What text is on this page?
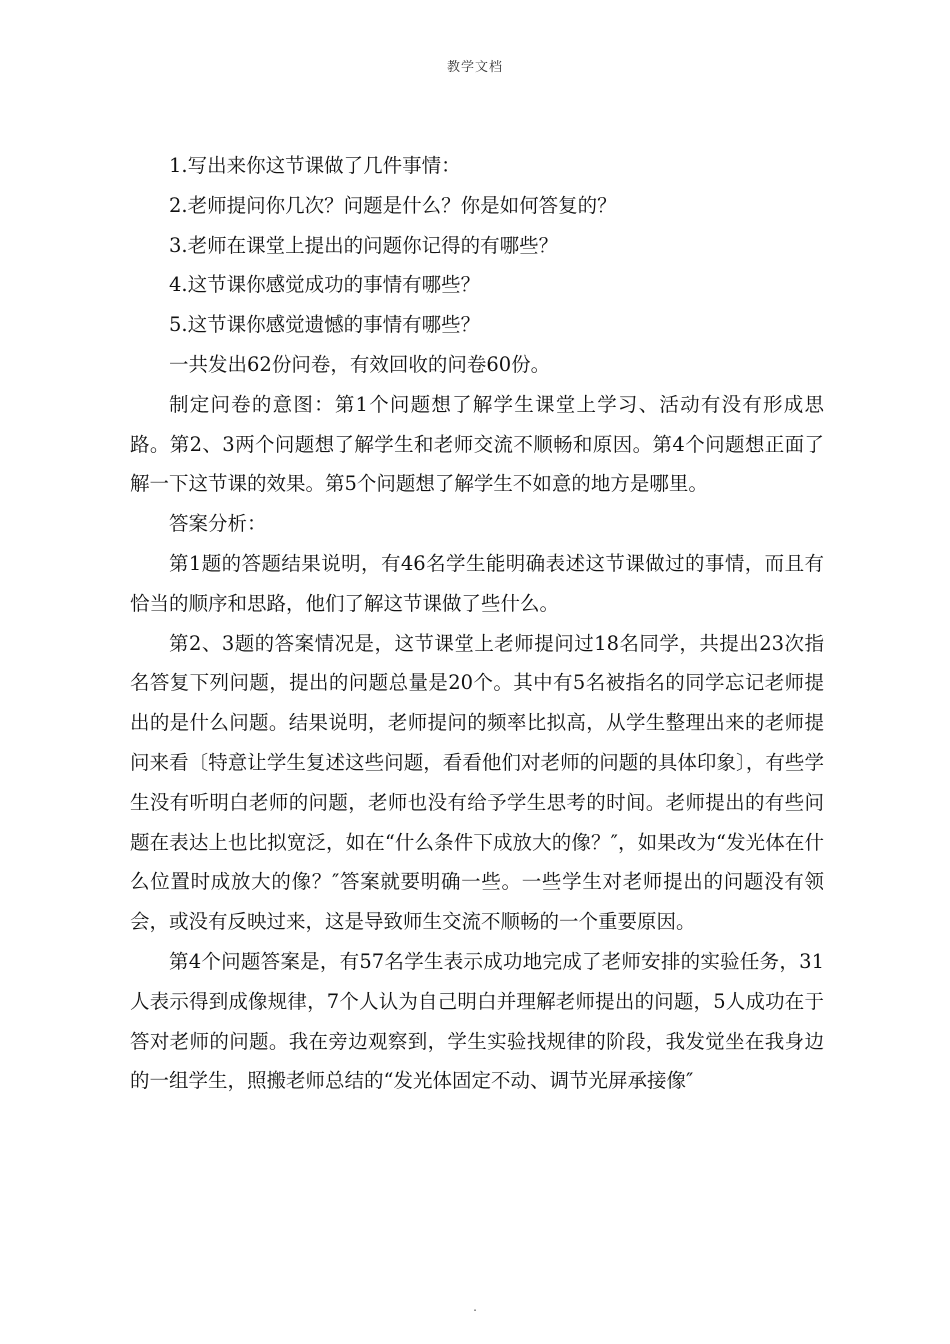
教学文档

1.写出来你这节课做了几件事情：

2.老师提问你几次？问题是什么？你是如何答复的？

3.老师在课堂上提出的问题你记得的有哪些？

4.这节课你感觉成功的事情有哪些？

5.这节课你感觉遗憾的事情有哪些？

一共发出62份问卷，有效回收的问卷60份。

制定问卷的意图：第1个问题想了解学生课堂上学习、活动有没有形成思路。第2、3两个问题想了解学生和老师交流不顺畅和原因。第4个问题想正面了解一下这节课的效果。第5个问题想了解学生不如意的地方是哪里。

答案分析：

第1题的答题结果说明，有46名学生能明确表述这节课做过的事情，而且有恰当的顺序和思路，他们了解这节课做了些什么。

第2、3题的答案情况是，这节课堂上老师提问过18名同学，共提出23次指名答复下列问题，提出的问题总量是20个。其中有5名被指名的同学忘记老师提出的是什么问题。结果说明，老师提问的频率比拟高，从学生整理出来的老师提问来看〔特意让学生复述这些问题，看看他们对老师的问题的具体印象〕，有些学生没有听明白老师的问题，老师也没有给予学生思考的时间。老师提出的有些问题在表达上也比拟宽泛，如在“什么条件下成放大的像？″，如果改为“发光体在什么位置时成放大的像？″答案就要明确一些。一些学生对老师提出的问题没有领会，或没有反映过来，这是导致师生交流不顺畅的一个重要原因。

第4个问题答案是，有57名学生表示成功地完成了老师安排的实验任务，31人表示得到成像规律，7个人认为自己明白并理解老师提出的问题，5人成功在于答对老师的问题。我在旁边观察到，学生实验找规律的阶段，我发觉坐在我身边的一组学生，照搬老师总结的“发光体固定不动、调节光屏承接像″

.
